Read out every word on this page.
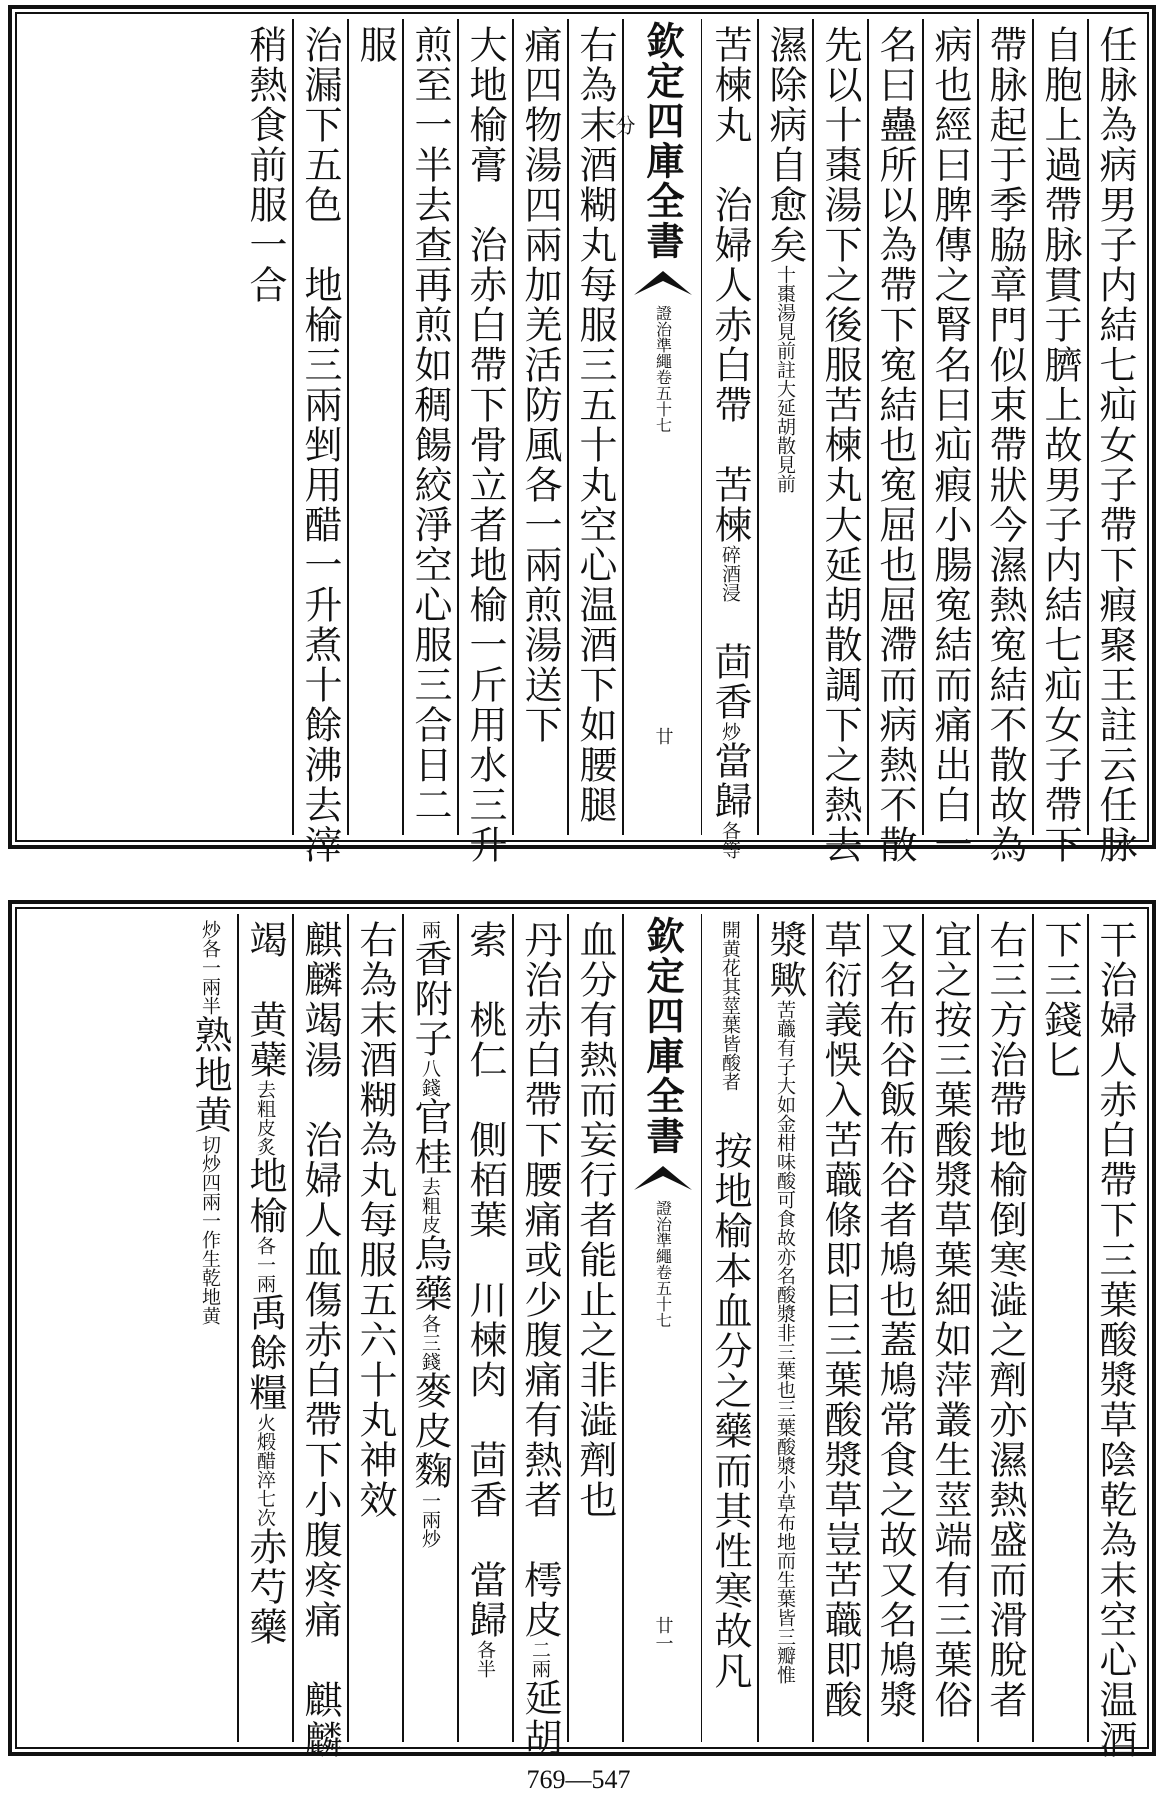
任脉為病男子内結七疝女子帶下瘕聚王註云任脉
自胞上過帶脉貫于臍上故男子内結七疝女子帶下
帶脉起于季脇章門似束帶狀今濕熱寃結不散故為
病也經曰脾傳之腎名曰疝瘕小腸寃結而痛出白一
名曰蠱所以為帶下寃結也寃屈也屈滯而病熱不散
先以十棗湯下之後服苦楝丸大延胡散調下之熱去
濕除病自愈矣十棗湯見前註大延胡散見前
苦楝丸　治婦人赤白帶　苦楝碎酒浸　茴香炒當歸各等
欽定四庫全書
證治準繩卷五十七
廿
分
右為末酒糊丸每服三五十丸空心温酒下如腰腿
痛四物湯四兩加羌活防風各一兩煎湯送下
大地榆膏　治赤白帶下骨立者地榆一斤用水三升
煎至一半去查再煎如稠餳絞淨空心服三合日二
服
治漏下五色　地榆三兩剉用醋一升煮十餘沸去滓
稍熱食前服一合
干治婦人赤白帶下三葉酸漿草陰乾為末空心温酒
下三錢匕
右三方治帶地榆倒寒澁之劑亦濕熱盛而滑脫者
宜之按三葉酸漿草葉細如萍叢生莖端有三葉俗
又名布谷飯布谷者鳩也蓋鳩常食之故又名鳩漿
草衍義悞入苦蘵條即曰三葉酸漿草豈苦蘵即酸
漿歟苦蘵有子大如金柑味酸可食故亦名酸漿非三葉也三葉酸漿小草布地而生葉皆三瓣惟
開黄花其莖葉皆酸者　按地榆本血分之藥而其性寒故凡
欽定四庫全書
證治準繩卷五十七
廿一
血分有熱而妄行者能止之非澁劑也
丹治赤白帶下腰痛或少腹痛有熱者　樗皮二兩延胡
索　桃仁　側栢葉　川楝肉　茴香　當歸各半
兩香附子八錢官桂去粗皮烏藥各三錢麥皮麴一兩炒
右為末酒糊為丸每服五六十丸神效
麒麟竭湯　治婦人血傷赤白帶下小腹疼痛　麒麟
竭　黄蘗去粗皮炙地榆各一兩禹餘糧火煅醋淬七次赤芍藥
炒各一兩半熟地黄切炒四兩一作生乾地黄
769—547
